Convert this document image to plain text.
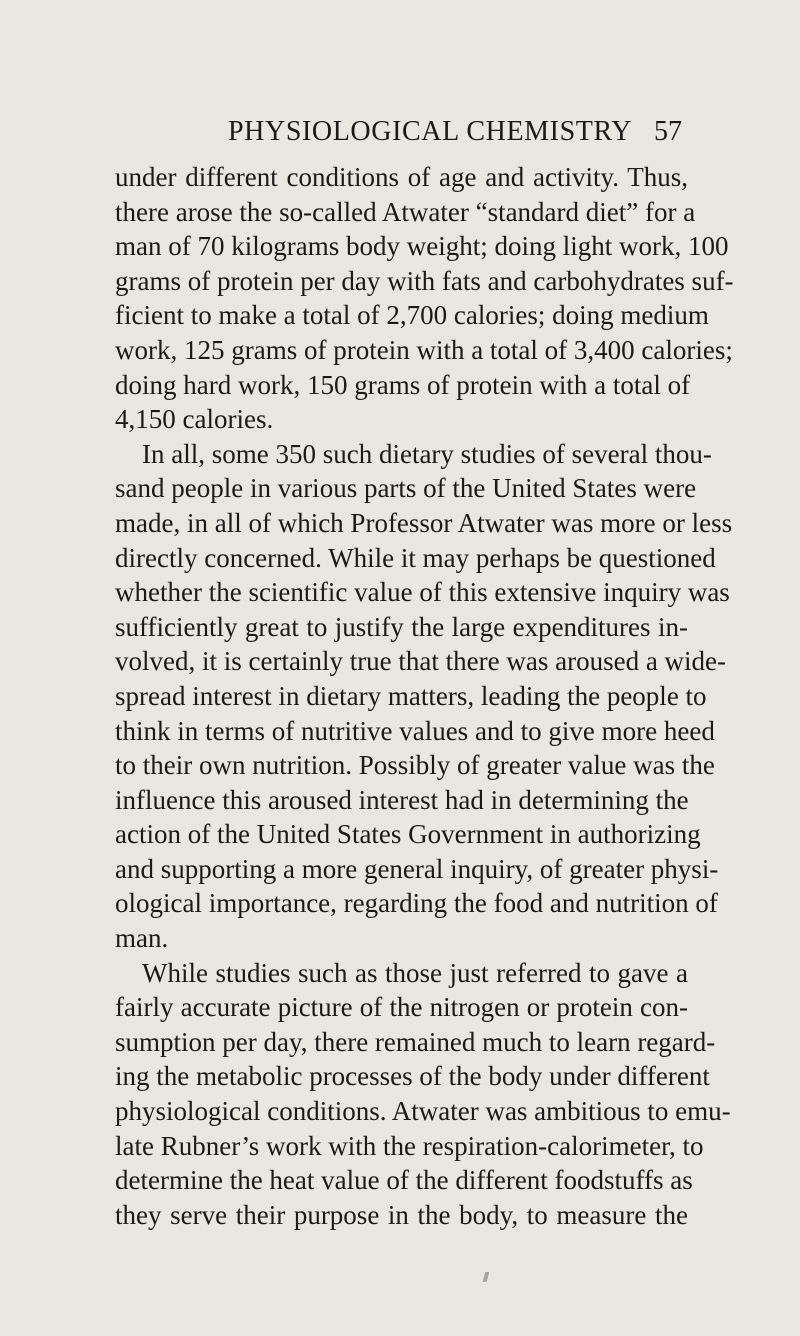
PHYSIOLOGICAL CHEMISTRY 57
under different conditions of age and activity. Thus,
there arose the so-called Atwater “standard diet” for a
man of 70 kilograms body weight; doing light work, 100
grams of protein per day with fats and carbohydrates suf-
ficient to make a total of 2,700 calories; doing medium
work, 125 grams of protein with a total of 3,400 calories;
doing hard work, 150 grams of protein with a total of
4,150 calories.
In all, some 350 such dietary studies of several thou-
sand people in various parts of the United States were
made, in all of which Professor Atwater was more or less
directly concerned. While it may perhaps be questioned
whether the scientific value of this extensive inquiry was
sufficiently great to justify the large expenditures in-
volved, it is certainly true that there was aroused a wide-
spread interest in dietary matters, leading the people to
think in terms of nutritive values and to give more heed
to their own nutrition. Possibly of greater value was the
influence this aroused interest had in determining the
action of the United States Government in authorizing
and supporting a more general inquiry, of greater physi-
ological importance, regarding the food and nutrition of
man.
While studies such as those just referred to gave a
fairly accurate picture of the nitrogen or protein con-
sumption per day, there remained much to learn regard-
ing the metabolic processes of the body under different
physiological conditions. Atwater was ambitious to emu-
late Rubner’s work with the respiration-calorimeter, to
determine the heat value of the different foodstuffs as
they serve their purpose in the body, to measure the
